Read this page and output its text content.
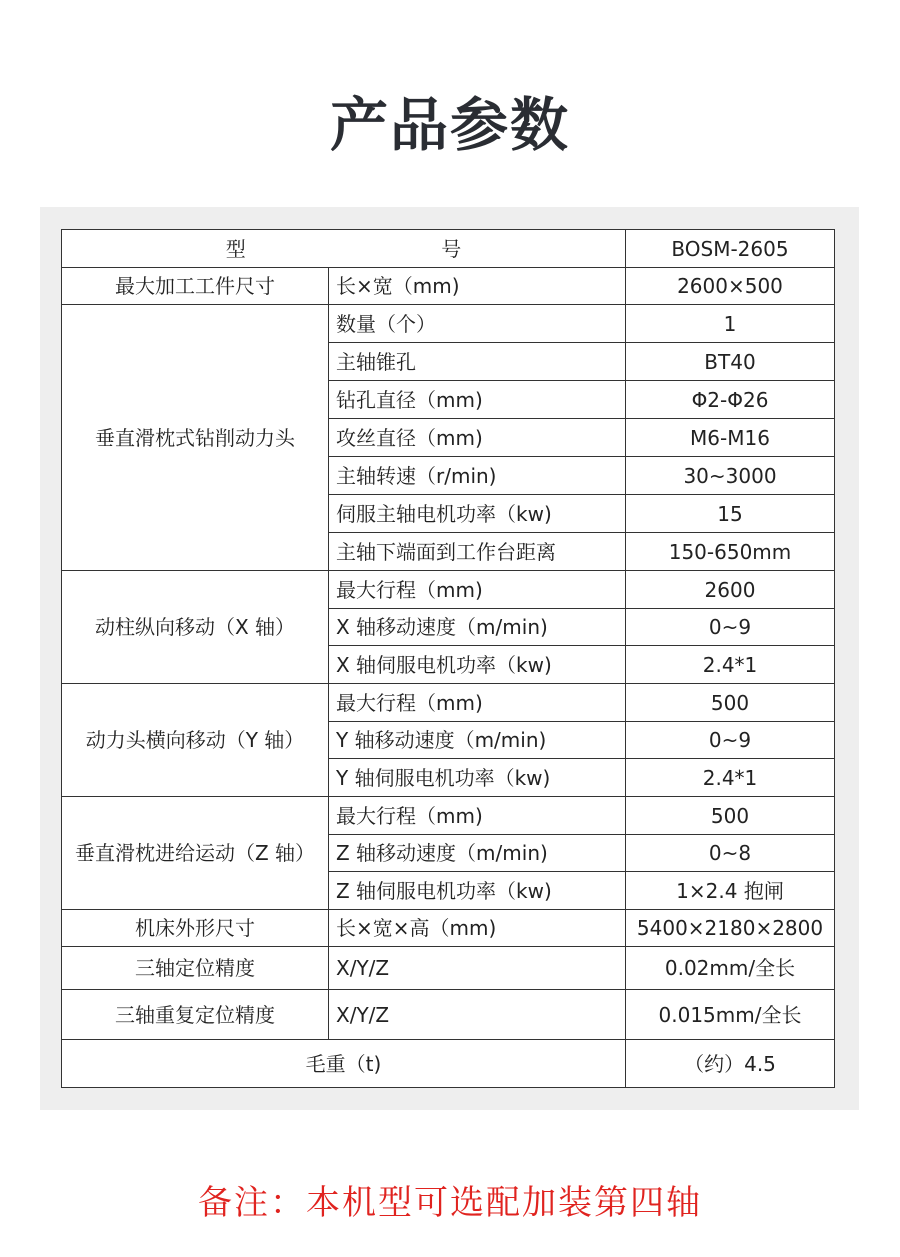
产品参数
型 号		BOSM-2605
最大加工工件尺寸	长×宽（mm)	2600×500
垂直滑枕式钻削动力头	数量（个）	1
	主轴锥孔	BT40
	钻孔直径（mm)	Φ2-Φ26
	攻丝直径（mm)	M6-M16
	主轴转速（r/min)	30~3000
	伺服主轴电机功率（kw)	15
	主轴下端面到工作台距离	150-650mm
动柱纵向移动（X 轴）	最大行程（mm)	2600
	X 轴移动速度（m/min)	0~9
	X 轴伺服电机功率（kw)	2.4*1
动力头横向移动（Y 轴）	最大行程（mm)	500
	Y 轴移动速度（m/min)	0~9
	Y 轴伺服电机功率（kw)	2.4*1
垂直滑枕进给运动（Z 轴）	最大行程（mm)	500
	Z 轴移动速度（m/min)	0~8
	Z 轴伺服电机功率（kw)	1×2.4 抱闸
机床外形尺寸	长×宽×高（mm)	5400×2180×2800
三轴定位精度	X/Y/Z	0.02mm/全长
三轴重复定位精度	X/Y/Z	0.015mm/全长
毛重（t)		（约）4.5
备注：本机型可选配加装第四轴
